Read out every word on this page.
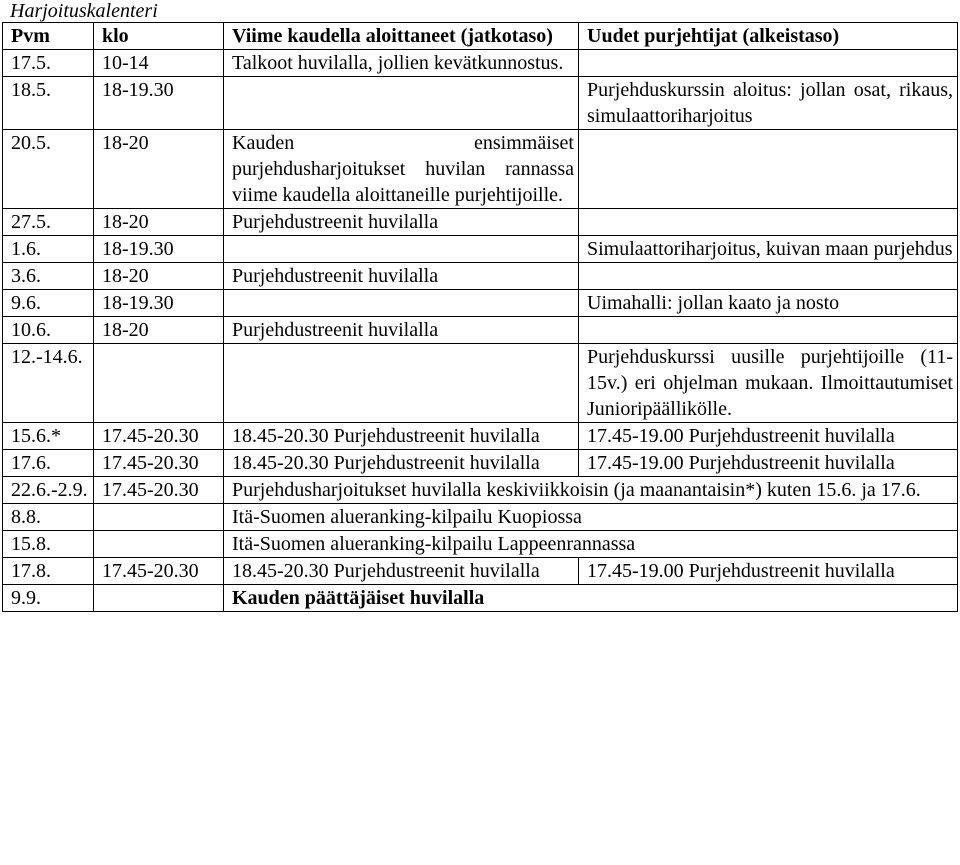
Harjoituskalenteri
Pvm	klo	Viime kaudella aloittaneet (jatkotaso)	Uudet purjehtijat (alkeistaso)
17.5.	10-14	Talkoot huvilalla, jollien kevätkunnostus.	
18.5.	18-19.30		Purjehduskurssin aloitus: jollan osat, rikaus, simulaattoriharjoitus
20.5.	18-20	Kauden ensimmäiset purjehdusharjoitukset huvilan rannassa viime kaudella aloittaneille purjehtijoille.	
27.5.	18-20	Purjehdustreenit huvilalla	
1.6.	18-19.30		Simulaattoriharjoitus, kuivan maan purjehdus
3.6.	18-20	Purjehdustreenit huvilalla	
9.6.	18-19.30		Uimahalli: jollan kaato ja nosto
10.6.	18-20	Purjehdustreenit huvilalla	
12.-14.6.			Purjehduskurssi uusille purjehtijoille (11-15v.) eri ohjelman mukaan. Ilmoittautumiset Junioripäällikölle.
15.6.*	17.45-20.30	18.45-20.30 Purjehdustreenit huvilalla	17.45-19.00 Purjehdustreenit huvilalla
17.6.	17.45-20.30	18.45-20.30 Purjehdustreenit huvilalla	17.45-19.00 Purjehdustreenit huvilalla
22.6.-2.9.	17.45-20.30	Purjehdusharjoitukset huvilalla keskiviikkoisin (ja maanantaisin*) kuten 15.6. ja 17.6.	
8.8.		Itä-Suomen alueranking-kilpailu Kuopiossa	
15.8.		Itä-Suomen alueranking-kilpailu Lappeenrannassa	
17.8.	17.45-20.30	18.45-20.30 Purjehdustreenit huvilalla	17.45-19.00 Purjehdustreenit huvilalla
9.9.		Kauden päättäjäiset huvilalla	
